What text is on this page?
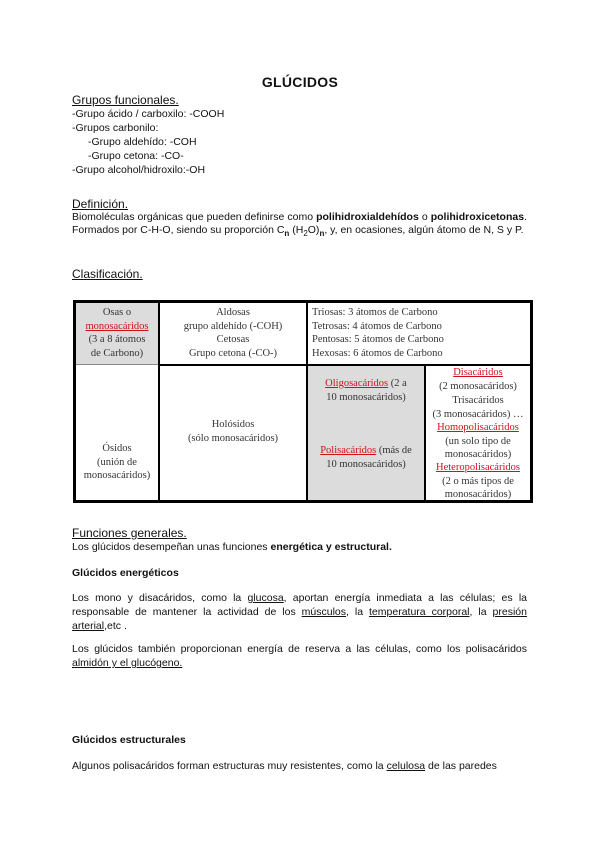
GLÚCIDOS
Grupos funcionales.
-Grupo ácido / carboxilo: -COOH
-Grupos carbonilo:
-Grupo aldehído: -COH
-Grupo cetona: -CO-
-Grupo alcohol/hidroxilo:-OH
Definición.
Biomoléculas orgánicas que pueden definirse como polihidroxialdehídos o polihidroxicetonas. Formados por C-H-O, siendo su proporción $C_n$ $(H_2O)_n$, y, en ocasiones, algún átomo de N, S y P.
Clasificación.
Osas o
monosacáridos
(3 a 8 átomos
de Carbono)
Aldosas
grupo aldehído (-COH)
Cetosas
Grupo cetona (-CO-)
Triosas: 3 átomos de Carbono
Tetrosas: 4 átomos de Carbono
Pentosas: 5 átomos de Carbono
Hexosas: 6 átomos de Carbono
Ósidos
(unión de
monosacáridos)
Holósidos
(sólo monosacáridos)
Oligosacáridos (2 a
10 monosacáridos)
Polisacáridos (más de
10 monosacáridos)
Disacáridos
(2 monosacáridos)
Trisacáridos
(3 monosacáridos) …
Homopolisacáridos
(un solo tipo de
monosacáridos)
Heteropolisacáridos
(2 o más tipos de
monosacáridos)
Funciones generales.
Los glúcidos desempeñan unas funciones energética y estructural.
Glúcidos energéticos
Los mono y disacáridos, como la glucosa, aportan energía inmediata a las células; es la responsable de mantener la actividad de los músculos, la temperatura corporal, la presión arterial,etc .
Los glúcidos también proporcionan energía de reserva a las células, como los polisacáridos almidón y el glucógeno.
Glúcidos estructurales
Algunos polisacáridos forman estructuras muy resistentes, como la celulosa de las paredes
